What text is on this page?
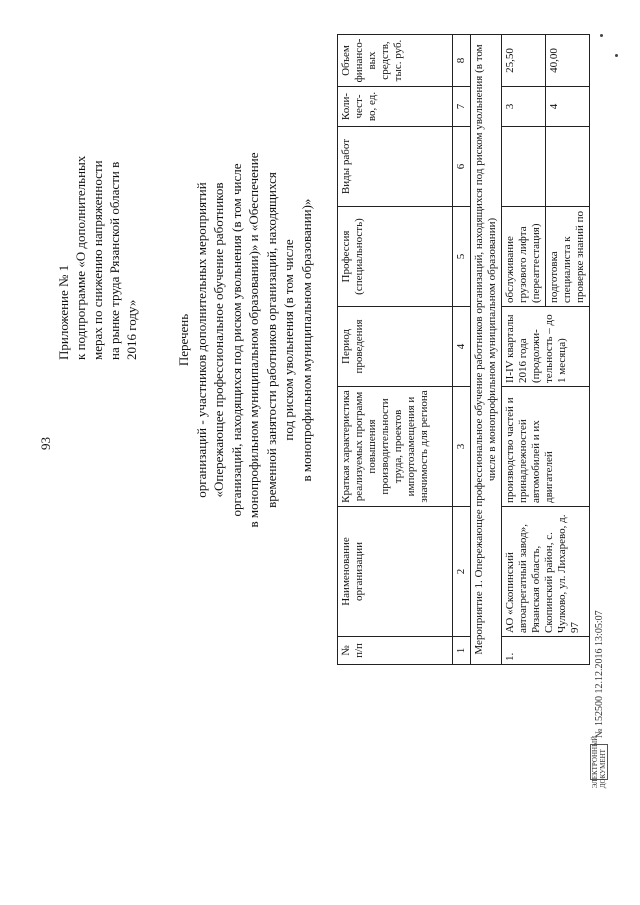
93
Приложение № 1 к подпрограмме «О дополнительных мерах по снижению напряженности на рынке труда Рязанской области в 2016 году»	Перечень организаций - участников дополнительных мероприятий «Опережающее профессиональное обучение работников организаций, находящихся под риском увольнения (в том числе в монопрофильном муниципальном образовании)» и «Обеспечение временной занятости работников организаций, находящихся под риском увольнения (в том числе в монопрофильном муниципальном образовании)»

№ п/п	Наименование организации	Краткая характеристика реализуемых программ повышения производительности труда, проектов импортозамещения и значимость для региона	Период проведения	Профессия (специальность)	Виды работ	Коли-чест-во, ед.	Объем финансо-вых средств, тыс. руб.
1	2	3	4	5	6	7	8
Мероприятие 1. Опережающее профессиональное обучение работников организаций, находящихся под риском увольнения (в том числе в монопрофильном муниципальном образовании)							
1.	АО «Скопинский автоагрегатный завод», Рязанская область, Скопинский район, с. Чулково, ул. Лихарево, д. 97	производство частей и принадлежностей автомобилей и их двигателей	II-IV кварталы 2016 года (продолжи-тельность – до 1 месяца)	обслуживание грузового лифта (переаттестация)		3	25,50
				подготовка специалиста к проверке знаний по		4	40,00
ЭЛЕКТРОННЫЙ ДОКУМЕНТ
№ 152500 12.12.2016 13:05:07
